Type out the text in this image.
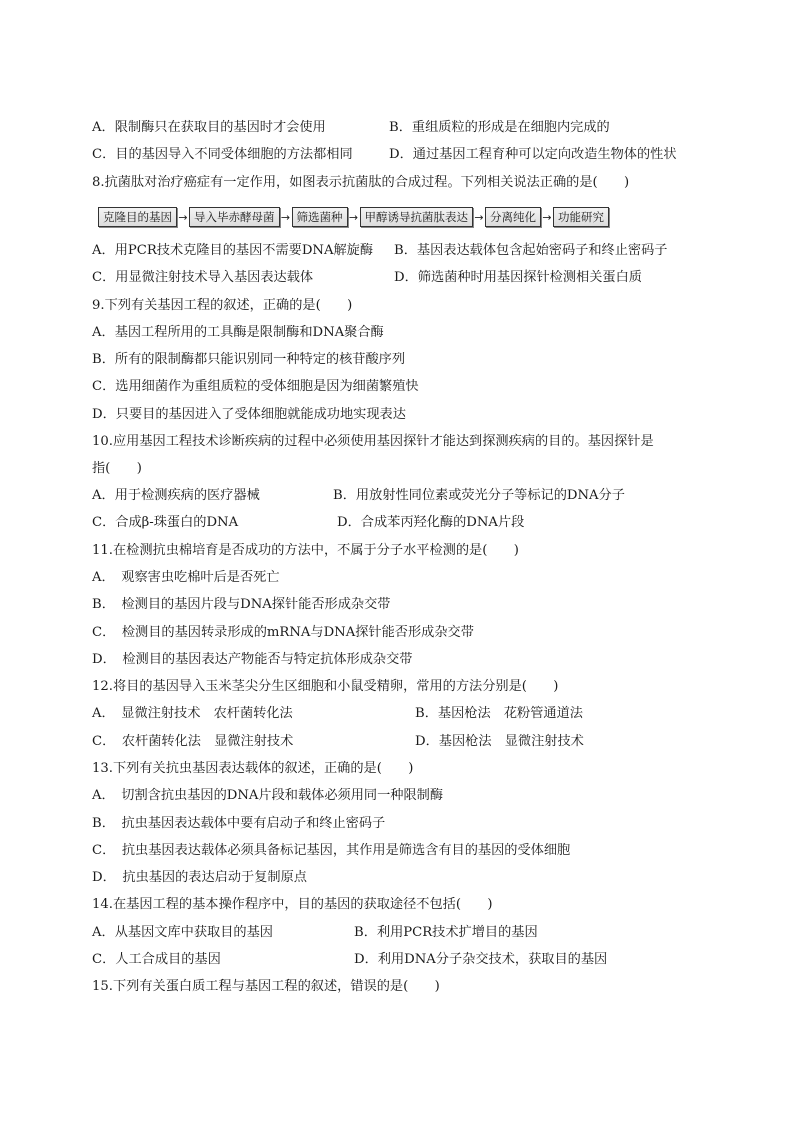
A．限制酶只在获取目的基因时才会使用	B．重组质粒的形成是在细胞内完成的
C．目的基因导入不同受体细胞的方法都相同	D．通过基因工程育种可以定向改造生物体的性状
8.抗菌肽对治疗癌症有一定作用，如图表示抗菌肽的合成过程。下列相关说法正确的是(　　)
克隆目的基因 → 导入毕赤酵母菌 → 筛选菌种 → 甲醇诱导抗菌肽表达 → 分离纯化 → 功能研究
A．用PCR技术克隆目的基因不需要DNA解旋酶 B．基因表达载体包含起始密码子和终止密码子
C．用显微注射技术导入基因表达载体	D．筛选菌种时用基因探针检测相关蛋白质
9.下列有关基因工程的叙述，正确的是(　　)
A．基因工程所用的工具酶是限制酶和DNA聚合酶
B．所有的限制酶都只能识别同一种特定的核苷酸序列
C．选用细菌作为重组质粒的受体细胞是因为细菌繁殖快
D．只要目的基因进入了受体细胞就能成功地实现表达
10.应用基因工程技术诊断疾病的过程中必须使用基因探针才能达到探测疾病的目的。基因探针是
指(　　)
A．用于检测疾病的医疗器械	B．用放射性同位素或荧光分子等标记的DNA分子
C．合成β-珠蛋白的DNA	D．合成苯丙羟化酶的DNA片段
11.在检测抗虫棉培育是否成功的方法中，不属于分子水平检测的是(　　)
A．　观察害虫吃棉叶后是否死亡
B．　检测目的基因片段与DNA探针能否形成杂交带
C．　检测目的基因转录形成的mRNA与DNA探针能否形成杂交带
D．　检测目的基因表达产物能否与特定抗体形成杂交带
12.将目的基因导入玉米茎尖分生区细胞和小鼠受精卵，常用的方法分别是(　　)
A．　显微注射技术　农杆菌转化法	B．基因枪法　花粉管通道法
C．　农杆菌转化法　显微注射技术	D．基因枪法　显微注射技术
13.下列有关抗虫基因表达载体的叙述，正确的是(　　)
A．　切割含抗虫基因的DNA片段和载体必须用同一种限制酶
B．　抗虫基因表达载体中要有启动子和终止密码子
C．　抗虫基因表达载体必须具备标记基因，其作用是筛选含有目的基因的受体细胞
D．　抗虫基因的表达启动于复制原点
14.在基因工程的基本操作程序中，目的基因的获取途径不包括(　　)
A．从基因文库中获取目的基因	B．利用PCR技术扩增目的基因
C．人工合成目的基因	D．利用DNA分子杂交技术，获取目的基因
15.下列有关蛋白质工程与基因工程的叙述，错误的是(　　)
